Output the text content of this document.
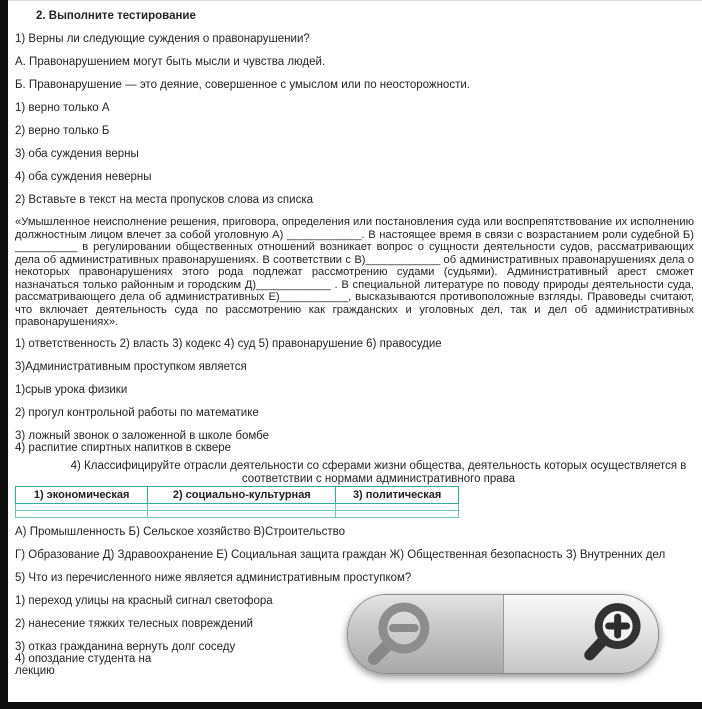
2. Выполните тестирование
1) Верны ли следующие суждения о правонарушении?
А. Правонарушением могут быть мысли и чувства людей.
Б. Правонарушение — это деяние, совершенное с умыслом или по неосторожности.
1) верно только А
2) верно только Б
3) оба суждения верны
4) оба суждения неверны
2) Вставьте в текст на места пропусков слова из списка
«Умышленное неисполнение решения, приговора, определения или постановления суда или воспрепятствование их исполнению должностным лицом влечет за собой уголовную А) ____________. В настоящее время в связи с возрастанием роли судебной Б) __________ в регулировании общественных отношений возникает вопрос о сущности деятельности судов, рассматривающих дела об административных правонарушениях. В соответствии с В)____________ об административных правонарушениях дела о некоторых правонарушениях этого рода подлежат рассмотрению судами (судьями). Административный арест сможет назначаться только районным и городским Д)____________ . В специальной литературе по поводу природы деятельности суда, рассматривающего дела об административных Е)___________, высказываются противоположные взгляды. Правоведы считают, что включает деятельность суда по рассмотрению как гражданских и уголовных дел, так и дел об административных правонарушениях».
1) ответственность 2) власть 3) кодекс 4) суд 5) правонарушение 6) правосудие
3)Административным проступком является
1)срыв урока физики
2) прогул контрольной работы по математике
3) ложный звонок о заложенной в школе бомбе
4) распитие спиртных напитков в сквере
4) Классифицируйте отрасли деятельности со сферами жизни общества, деятельность которых осуществляется в соответствии с нормами административного права
1) экономическая	2) социально-культурная	3) политическая

А) Промышленность Б) Сельское хозяйство В)Строительство
Г) Образование Д) Здравоохранение Е) Социальная защита граждан Ж) Общественная безопасность З) Внутренних дел
5) Что из перечисленного ниже является административным проступком?
1) переход улицы на красный сигнал светофора
2) нанесение тяжких телесных повреждений
3) отказ гражданина вернуть долг соседу
4) опоздание студента на лекцию
